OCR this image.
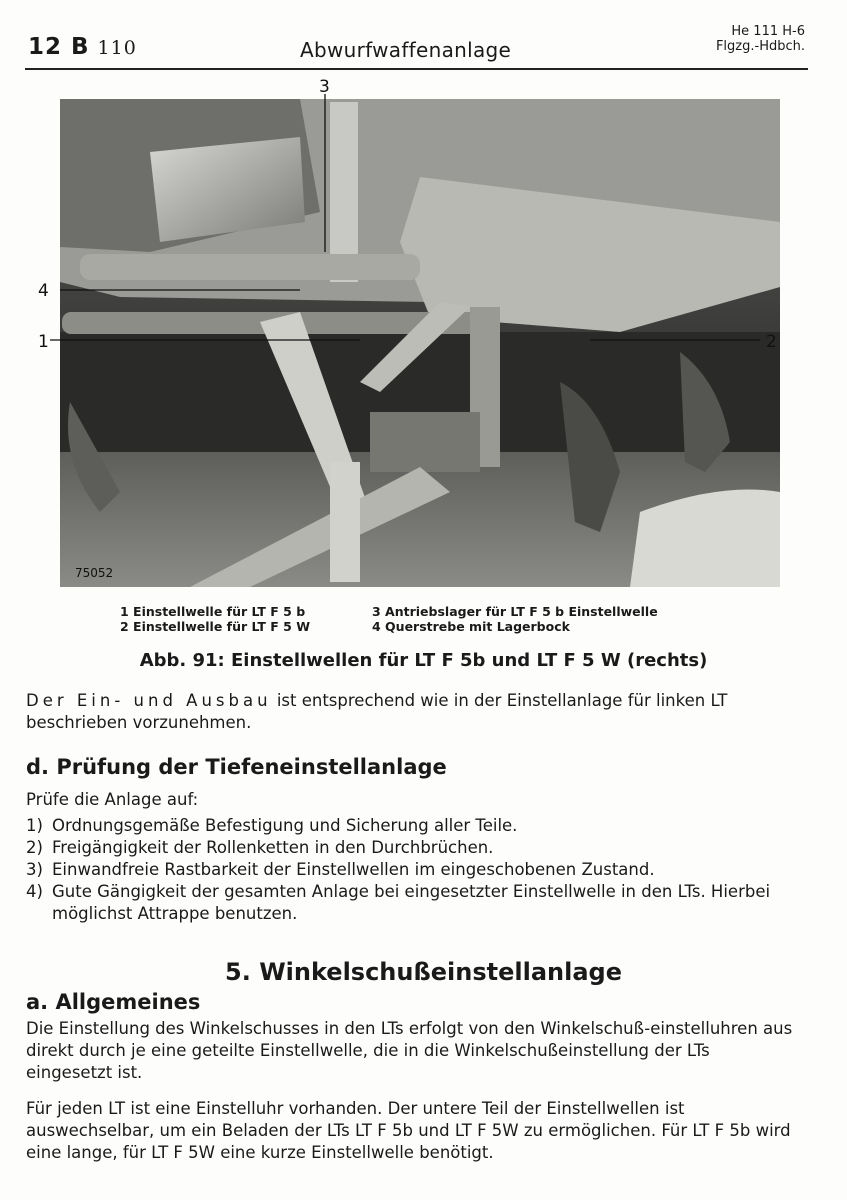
12 B 110	Abwurfwaffenanlage
He 111 H-6
Flgzg.-Hdbch.
3
4
1	2
75052
1 Einstellwelle für LT F 5 b
2 Einstellwelle für LT F 5 W
3 Antriebslager für LT F 5 b Einstellwelle
4 Querstrebe mit Lagerbock
Abb. 91: Einstellwellen für LT F 5b und LT F 5 W (rechts)
Der Ein- und Ausbau ist entsprechend wie in der Einstellanlage für linken LT beschrieben vorzunehmen.
d. Prüfung der Tiefeneinstellanlage
Prüfe die Anlage auf:
1) Ordnungsgemäße Befestigung und Sicherung aller Teile.
2) Freigängigkeit der Rollenketten in den Durchbrüchen.
3) Einwandfreie Rastbarkeit der Einstellwellen im eingeschobenen Zustand.
4) Gute Gängigkeit der gesamten Anlage bei eingesetzter Einstellwelle in den LTs. Hierbei möglichst Attrappe benutzen.
5. Winkelschußeinstellanlage
a. Allgemeines
Die Einstellung des Winkelschusses in den LTs erfolgt von den Winkelschuß-einstelluhren aus direkt durch je eine geteilte Einstellwelle, die in die Winkelschußeinstellung der LTs eingesetzt ist.
Für jeden LT ist eine Einstelluhr vorhanden. Der untere Teil der Einstellwellen ist auswechselbar, um ein Beladen der LTs LT F 5b und LT F 5W zu ermöglichen. Für LT F 5b wird eine lange, für LT F 5W eine kurze Einstellwelle benötigt.
